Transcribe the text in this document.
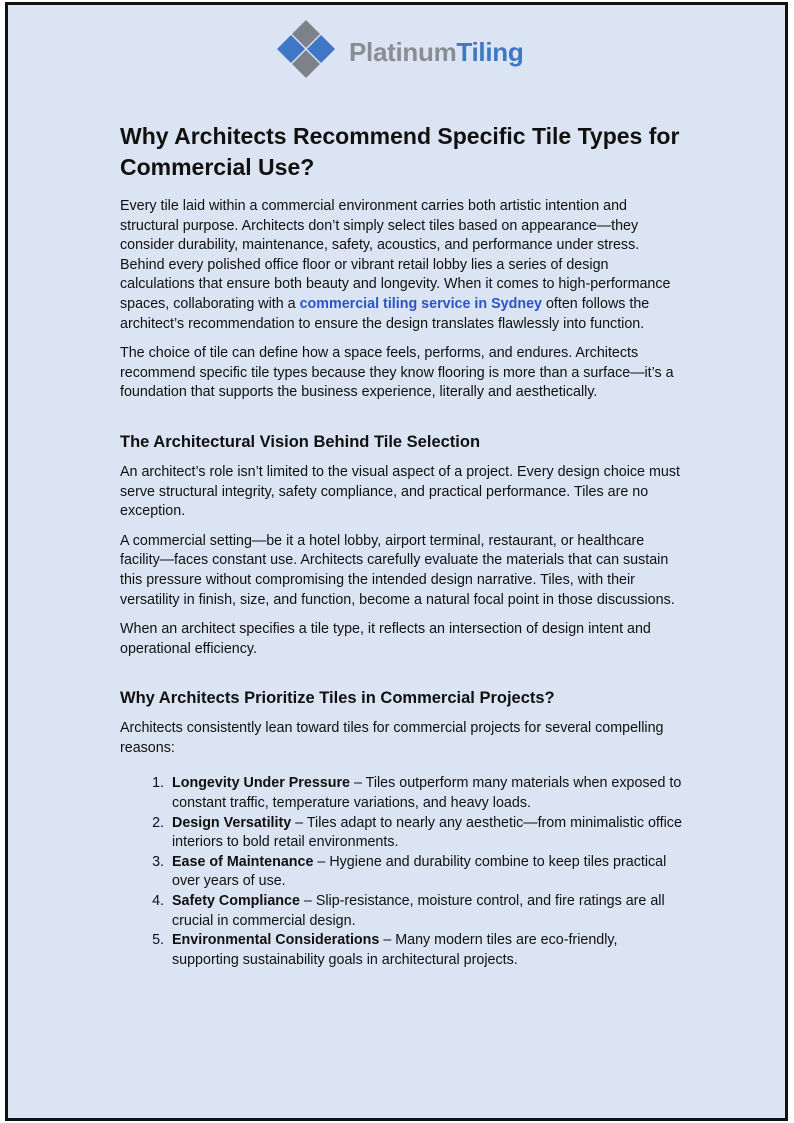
PlatinumTiling
Why Architects Recommend Specific Tile Types for Commercial Use?

Every tile laid within a commercial environment carries both artistic intention and structural purpose. Architects don’t simply select tiles based on appearance—they consider durability, maintenance, safety, acoustics, and performance under stress. Behind every polished office floor or vibrant retail lobby lies a series of design calculations that ensure both beauty and longevity. When it comes to high-performance spaces, collaborating with a commercial tiling service in Sydney often follows the architect’s recommendation to ensure the design translates flawlessly into function.

The choice of tile can define how a space feels, performs, and endures. Architects recommend specific tile types because they know flooring is more than a surface—it’s a foundation that supports the business experience, literally and aesthetically.

The Architectural Vision Behind Tile Selection

An architect’s role isn’t limited to the visual aspect of a project. Every design choice must serve structural integrity, safety compliance, and practical performance. Tiles are no exception.

A commercial setting—be it a hotel lobby, airport terminal, restaurant, or healthcare facility—faces constant use. Architects carefully evaluate the materials that can sustain this pressure without compromising the intended design narrative. Tiles, with their versatility in finish, size, and function, become a natural focal point in those discussions.

When an architect specifies a tile type, it reflects an intersection of design intent and operational efficiency.

Why Architects Prioritize Tiles in Commercial Projects?

Architects consistently lean toward tiles for commercial projects for several compelling reasons:

1. Longevity Under Pressure – Tiles outperform many materials when exposed to constant traffic, temperature variations, and heavy loads.
2. Design Versatility – Tiles adapt to nearly any aesthetic—from minimalistic office interiors to bold retail environments.
3. Ease of Maintenance – Hygiene and durability combine to keep tiles practical over years of use.
4. Safety Compliance – Slip-resistance, moisture control, and fire ratings are all crucial in commercial design.
5. Environmental Considerations – Many modern tiles are eco-friendly, supporting sustainability goals in architectural projects.
